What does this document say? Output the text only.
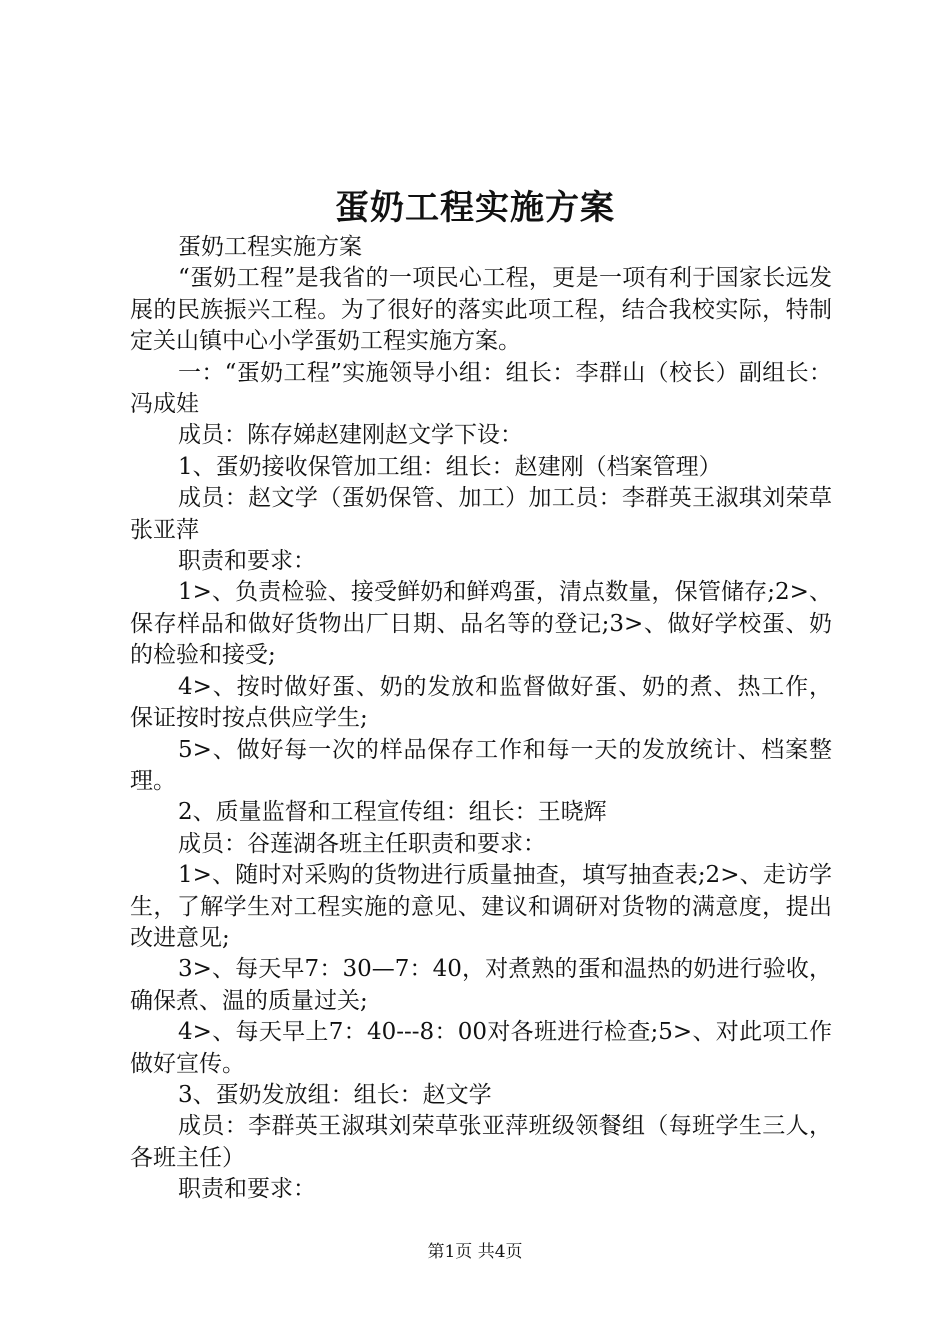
蛋奶工程实施方案

蛋奶工程实施方案

“蛋奶工程”是我省的一项民心工程，更是一项有利于国家长远发展的民族振兴工程。为了很好的落实此项工程，结合我校实际，特制定关山镇中心小学蛋奶工程实施方案。

一：“蛋奶工程”实施领导小组：组长：李群山（校长）副组长：冯成娃

成员：陈存娣赵建刚赵文学下设：

1、蛋奶接收保管加工组：组长：赵建刚（档案管理）

成员：赵文学（蛋奶保管、加工）加工员：李群英王淑琪刘荣草张亚萍

职责和要求：

1>、负责检验、接受鲜奶和鲜鸡蛋，清点数量，保管储存;2>、保存样品和做好货物出厂日期、品名等的登记;3>、做好学校蛋、奶的检验和接受;

4>、按时做好蛋、奶的发放和监督做好蛋、奶的煮、热工作，保证按时按点供应学生;

5>、做好每一次的样品保存工作和每一天的发放统计、档案整理。

2、质量监督和工程宣传组：组长：王晓辉

成员：谷莲湖各班主任职责和要求：

1>、随时对采购的货物进行质量抽查，填写抽查表;2>、走访学生，了解学生对工程实施的意见、建议和调研对货物的满意度，提出改进意见;

3>、每天早7：30—7：40，对煮熟的蛋和温热的奶进行验收，确保煮、温的质量过关;

4>、每天早上7：40---8：00对各班进行检查;5>、对此项工作做好宣传。

3、蛋奶发放组：组长：赵文学

成员：李群英王淑琪刘荣草张亚萍班级领餐组（每班学生三人，各班主任）

职责和要求：

第1页 共4页
